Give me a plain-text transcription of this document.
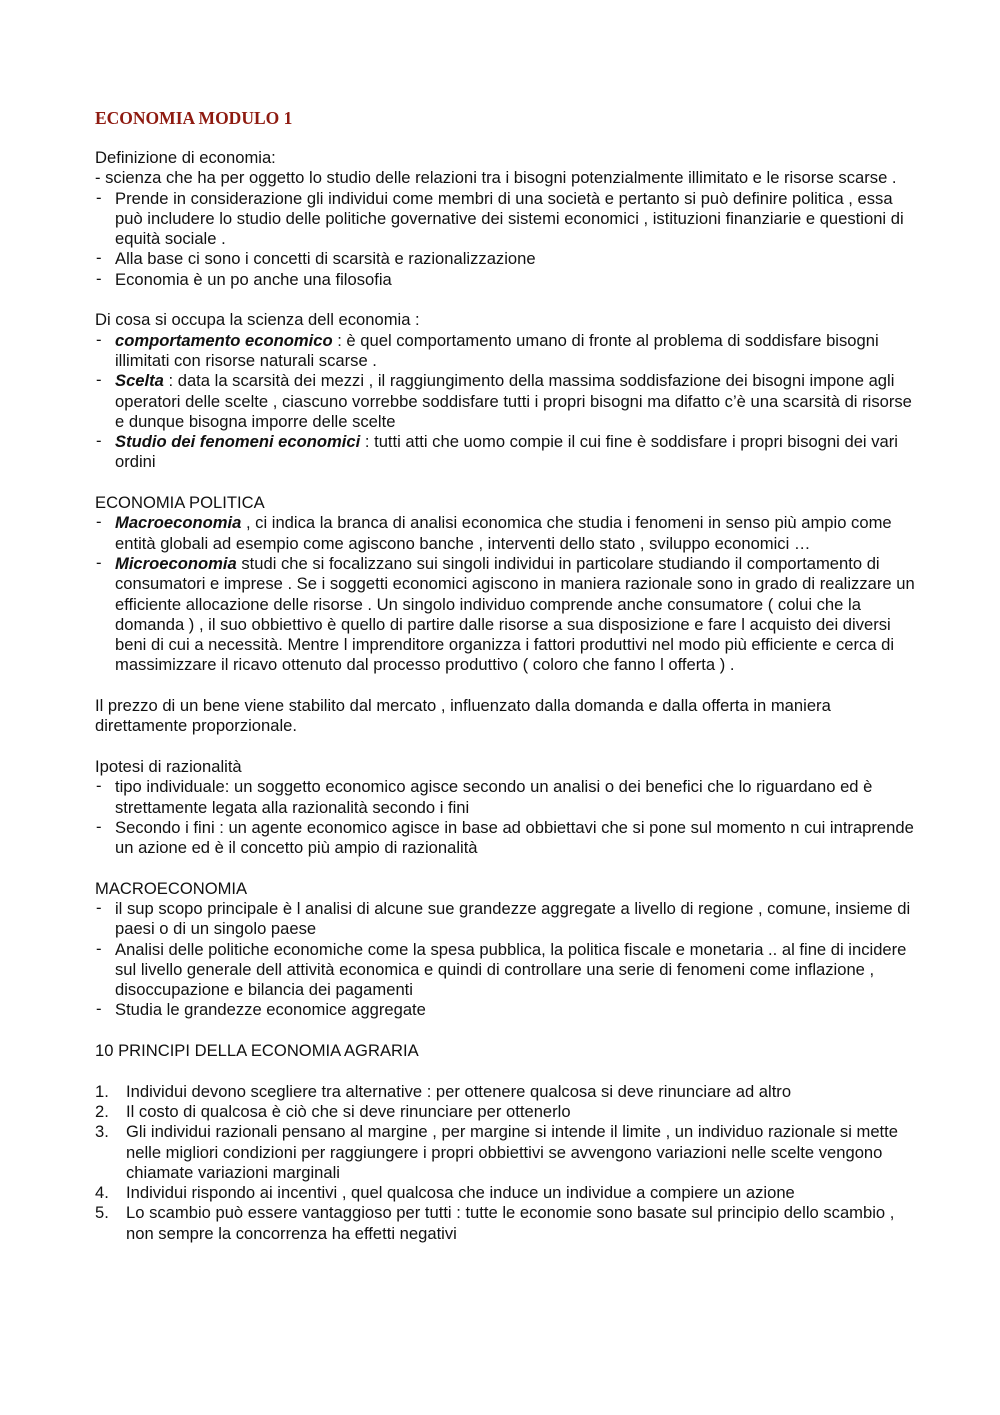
ECONOMIA MODULO 1

Definizione di economia:

- scienza che ha per oggetto lo studio delle relazioni tra i bisogni potenzialmente illimitato e le risorse scarse .

- Prende in considerazione gli individui come membri di una società e pertanto si può definire politica , essa può includere lo studio delle politiche governative dei sistemi economici , istituzioni finanziarie e questioni di equità sociale .
- Alla base ci sono i concetti di scarsità e razionalizzazione
- Economia è un po anche una filosofia

Di cosa si occupa la scienza dell economia :

- comportamento economico : è quel comportamento umano di fronte al problema di soddisfare bisogni illimitati con risorse naturali scarse .
- Scelta : data la scarsità dei mezzi , il raggiungimento della massima soddisfazione dei bisogni impone agli operatori delle scelte , ciascuno vorrebbe soddisfare tutti i propri bisogni ma difatto c’è una scarsità di risorse e dunque bisogna imporre delle scelte
- Studio dei fenomeni economici : tutti atti che uomo compie il cui fine è soddisfare i propri bisogni dei vari ordini

ECONOMIA POLITICA

- Macroeconomia , ci indica la branca di analisi economica che studia i fenomeni in senso più ampio come entità globali ad esempio come agiscono banche , interventi dello stato , sviluppo economici …
- Microeconomia studi che si focalizzano sui singoli individui in particolare studiando il comportamento di consumatori e imprese . Se i soggetti economici agiscono in maniera razionale sono in grado di realizzare un efficiente allocazione delle risorse . Un singolo individuo comprende anche consumatore ( colui che la domanda ) , il suo obbiettivo è quello di partire dalle risorse a sua disposizione e fare l acquisto dei diversi beni di cui a necessità. Mentre l imprenditore organizza i fattori produttivi nel modo più efficiente e cerca di massimizzare il ricavo ottenuto dal processo produttivo ( coloro che fanno l offerta ) .

Il prezzo di un bene viene stabilito dal mercato , influenzato dalla domanda e dalla offerta in maniera direttamente proporzionale.

Ipotesi di razionalità

- tipo individuale: un soggetto economico agisce secondo un analisi o dei benefici che lo riguardano ed è strettamente legata alla razionalità secondo i fini
- Secondo i fini : un agente economico agisce in base ad obbiettavi che si pone sul momento n cui intraprende un azione ed è il concetto più ampio di razionalità

MACROECONOMIA

- il sup scopo principale è l analisi di alcune sue grandezze aggregate a livello di regione , comune, insieme di paesi o di un singolo paese
- Analisi delle politiche economiche come la spesa pubblica, la politica fiscale e monetaria .. al fine di incidere sul livello generale dell attività economica e quindi di controllare una serie di fenomeni come inflazione , disoccupazione e bilancia dei pagamenti
- Studia le grandezze economice aggregate

10 PRINCIPI DELLA ECONOMIA AGRARIA

1. Individui devono scegliere tra alternative : per ottenere qualcosa si deve rinunciare ad altro
2. Il costo di qualcosa è ciò che si deve rinunciare per ottenerlo
3. Gli individui razionali pensano al margine , per margine si intende il limite , un individuo razionale si mette nelle migliori condizioni per raggiungere i propri obbiettivi se avvengono variazioni nelle scelte vengono chiamate variazioni marginali
4. Individui rispondo ai incentivi , quel qualcosa che induce un individue a compiere un azione
5. Lo scambio può essere vantaggioso per tutti : tutte le economie sono basate sul principio dello scambio , non sempre la concorrenza ha effetti negativi
